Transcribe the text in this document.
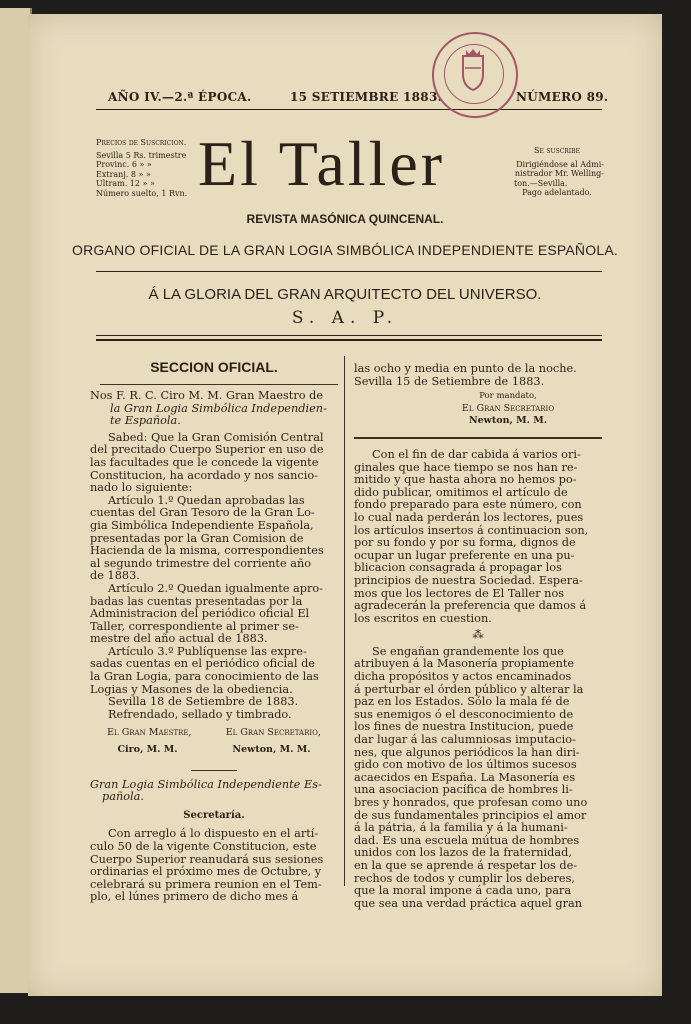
AÑO IV.—2.ª ÉPOCA.	15 SETIEMBRE 1883.	NÚMERO 89.
Precios de Suscricion.
Sevilla 5 Rs. trimestre
Provinc. 6 » »
Extranj. 8 » »
Ultram. 12 » »
Número suelto, 1 Rvn. El Taller	Se suscribe
Dirigiéndose al Admi-
nistrador Mr. Welling-
ton.—Sevilla.
Pago adelantado.
REVISTA MASÓNICA QUINCENAL.
ORGANO OFICIAL DE LA GRAN LOGIA SIMBÓLICA INDEPENDIENTE ESPAÑOLA.
Á LA GLORIA DEL GRAN ARQUITECTO DEL UNIVERSO.
S. A. P.
SECCION OFICIAL.

Nos F. R. C. Ciro M. M. Gran Maestro de
la Gran Logia Simbólica Independien-
te Española.

Sabed: Que la Gran Comisión Central
del precitado Cuerpo Superior en uso de
las facultades que le concede la vigente
Constitucion, ha acordado y nos sancio-
nado lo siguiente:

Artículo 1.º Quedan aprobadas las
cuentas del Gran Tesoro de la Gran Lo-
gia Simbólica Independiente Española,
presentadas por la Gran Comision de
Hacienda de la misma, correspondientes
al segundo trimestre del corriente año
de 1883.

Artículo 2.º Quedan igualmente apro-
badas las cuentas presentadas por la
Administracion del periódico oficial El
Taller, correspondiente al primer se-
mestre del año actual de 1883.

Artículo 3.º Publíquense las expre-
sadas cuentas en el periódico oficial de
la Gran Logia, para conocimiento de las
Logias y Masones de la obediencia.

Sevilla 18 de Setiembre de 1883.
Refrendado, sellado y timbrado.

El Gran Maestre,	El Gran Secretario,
Ciro, M. M.	Newton, M. M.

Gran Logia Simbólica Independiente Es-
pañola.

Secretaría.

Con arreglo á lo dispuesto en el artí-
culo 50 de la vigente Constitucion, este
Cuerpo Superior reanudará sus sesiones
ordinarias el próximo mes de Octubre, y
celebrará su primera reunion en el Tem-
plo, el lúnes primero de dicho mes á

las ocho y media en punto de la noche.
Sevilla 15 de Setiembre de 1883.

Por mandato,
El Gran Secretario
Newton, M. M.

Con el fin de dar cabida á varios ori-
ginales que hace tiempo se nos han re-
mitido y que hasta ahora no hemos po-
dido publicar, omitimos el artículo de
fondo preparado para este número, con
lo cual nada perderán los lectores, pues
los artículos insertos á continuacion son,
por su fondo y por su forma, dignos de
ocupar un lugar preferente en una pu-
blicacion consagrada á propagar los
principios de nuestra Sociedad. Espera-
mos que los lectores de El Taller nos
agradecerán la preferencia que damos á
los escritos en cuestion.

⁂

Se engañan grandemente los que
atribuyen á la Masonería propiamente
dicha propósitos y actos encaminados
á perturbar el órden público y alterar la
paz en los Estados. Sólo la mala fé de
sus enemigos ó el desconocimiento de
los fines de nuestra Institucion, puede
dar lugar á las calumniosas imputacio-
nes, que algunos periódicos la han diri-
gido con motivo de los últimos sucesos
acaecidos en España. La Masonería es
una asociacion pacífica de hombres li-
bres y honrados, que profesan como uno
de sus fundamentales principios el amor
á la pátria, á la familia y á la humani-
dad. Es una escuela mútua de hombres
unidos con los lazos de la fraternidad,
en la que se aprende á respetar los de-
rechos de todos y cumplir los deberes,
que la moral impone á cada uno, para
que sea una verdad práctica aquel gran
